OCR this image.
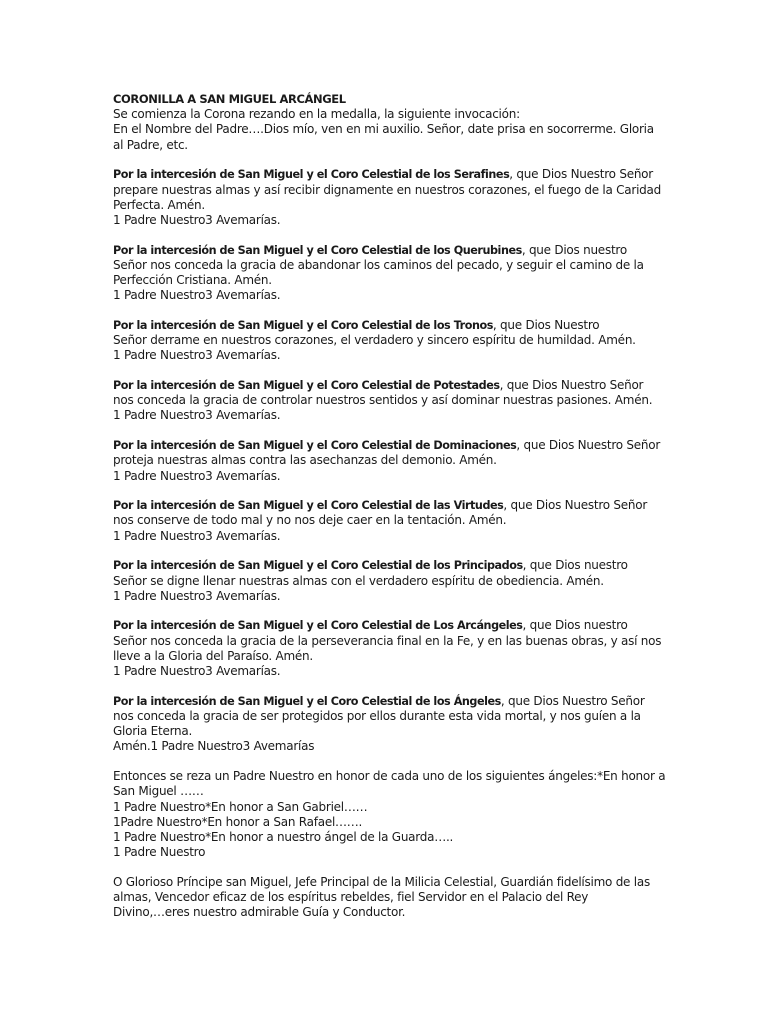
CORONILLA A SAN MIGUEL ARCÁNGEL

Se comienza la Corona rezando en la medalla, la siguiente invocación:
En el Nombre del Padre….Dios mío, ven en mi auxilio. Señor, date prisa en socorrerme. Gloria
al Padre, etc.

Por la intercesión de San Miguel y el Coro Celestial de los Serafines, que Dios Nuestro Señor
prepare nuestras almas y así recibir dignamente en nuestros corazones, el fuego de la Caridad
Perfecta. Amén.
1 Padre Nuestro3 Avemarías.

Por la intercesión de San Miguel y el Coro Celestial de los Querubines, que Dios nuestro
Señor nos conceda la gracia de abandonar los caminos del pecado, y seguir el camino de la
Perfección Cristiana. Amén.
1 Padre Nuestro3 Avemarías.

Por la intercesión de San Miguel y el Coro Celestial de los Tronos, que Dios Nuestro
Señor derrame en nuestros corazones, el verdadero y sincero espíritu de humildad. Amén.
1 Padre Nuestro3 Avemarías.

Por la intercesión de San Miguel y el Coro Celestial de Potestades, que Dios Nuestro Señor
nos conceda la gracia de controlar nuestros sentidos y así dominar nuestras pasiones. Amén.
1 Padre Nuestro3 Avemarías.

Por la intercesión de San Miguel y el Coro Celestial de Dominaciones, que Dios Nuestro Señor
proteja nuestras almas contra las asechanzas del demonio. Amén.
1 Padre Nuestro3 Avemarías.

Por la intercesión de San Miguel y el Coro Celestial de las Virtudes, que Dios Nuestro Señor
nos conserve de todo mal y no nos deje caer en la tentación. Amén.
1 Padre Nuestro3 Avemarías.

Por la intercesión de San Miguel y el Coro Celestial de los Principados, que Dios nuestro
Señor se digne llenar nuestras almas con el verdadero espíritu de obediencia. Amén.
1 Padre Nuestro3 Avemarías.

Por la intercesión de San Miguel y el Coro Celestial de Los Arcángeles, que Dios nuestro
Señor nos conceda la gracia de la perseverancia final en la Fe, y en las buenas obras, y así nos
lleve a la Gloria del Paraíso. Amén.
1 Padre Nuestro3 Avemarías.

Por la intercesión de San Miguel y el Coro Celestial de los Ángeles, que Dios Nuestro Señor
nos conceda la gracia de ser protegidos por ellos durante esta vida mortal, y nos guíen a la
Gloria Eterna.
Amén.1 Padre Nuestro3 Avemarías

Entonces se reza un Padre Nuestro en honor de cada uno de los siguientes ángeles:*En honor a
San Miguel ……
1 Padre Nuestro*En honor a San Gabriel……
1Padre Nuestro*En honor a San Rafael…….
1 Padre Nuestro*En honor a nuestro ángel de la Guarda…..
1 Padre Nuestro

O Glorioso Príncipe san Miguel, Jefe Principal de la Milicia Celestial, Guardián fidelísimo de las
almas, Vencedor eficaz de los espíritus rebeldes, fiel Servidor en el Palacio del Rey
Divino,…eres nuestro admirable Guía y Conductor.
